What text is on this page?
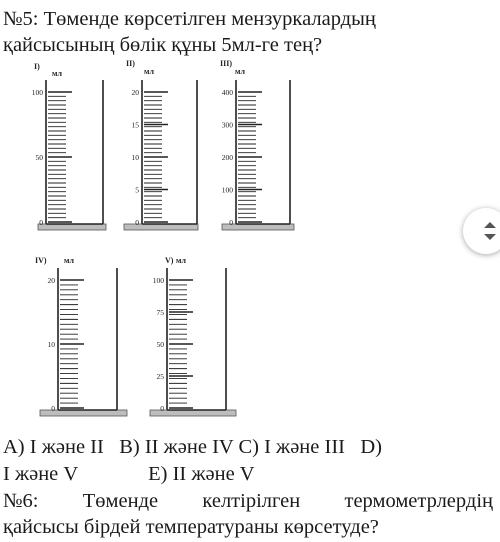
№5: Төменде көрсетілген мензуркалардың
қайсысының бөлік құны 5мл-ге тең?
I)
мл
100
50
0
II)
мл
20
15
10
5
0
III)
мл
400
300
200
100
0
IV) мл
20
10
0
V) мл
100
75
50
25
0
A) I және II B) II және IV C) I және III D)
I және V	E) II және V
№6: Төменде келтірілген термометрлердің
қайсысы бірдей температураны көрсетуде?
